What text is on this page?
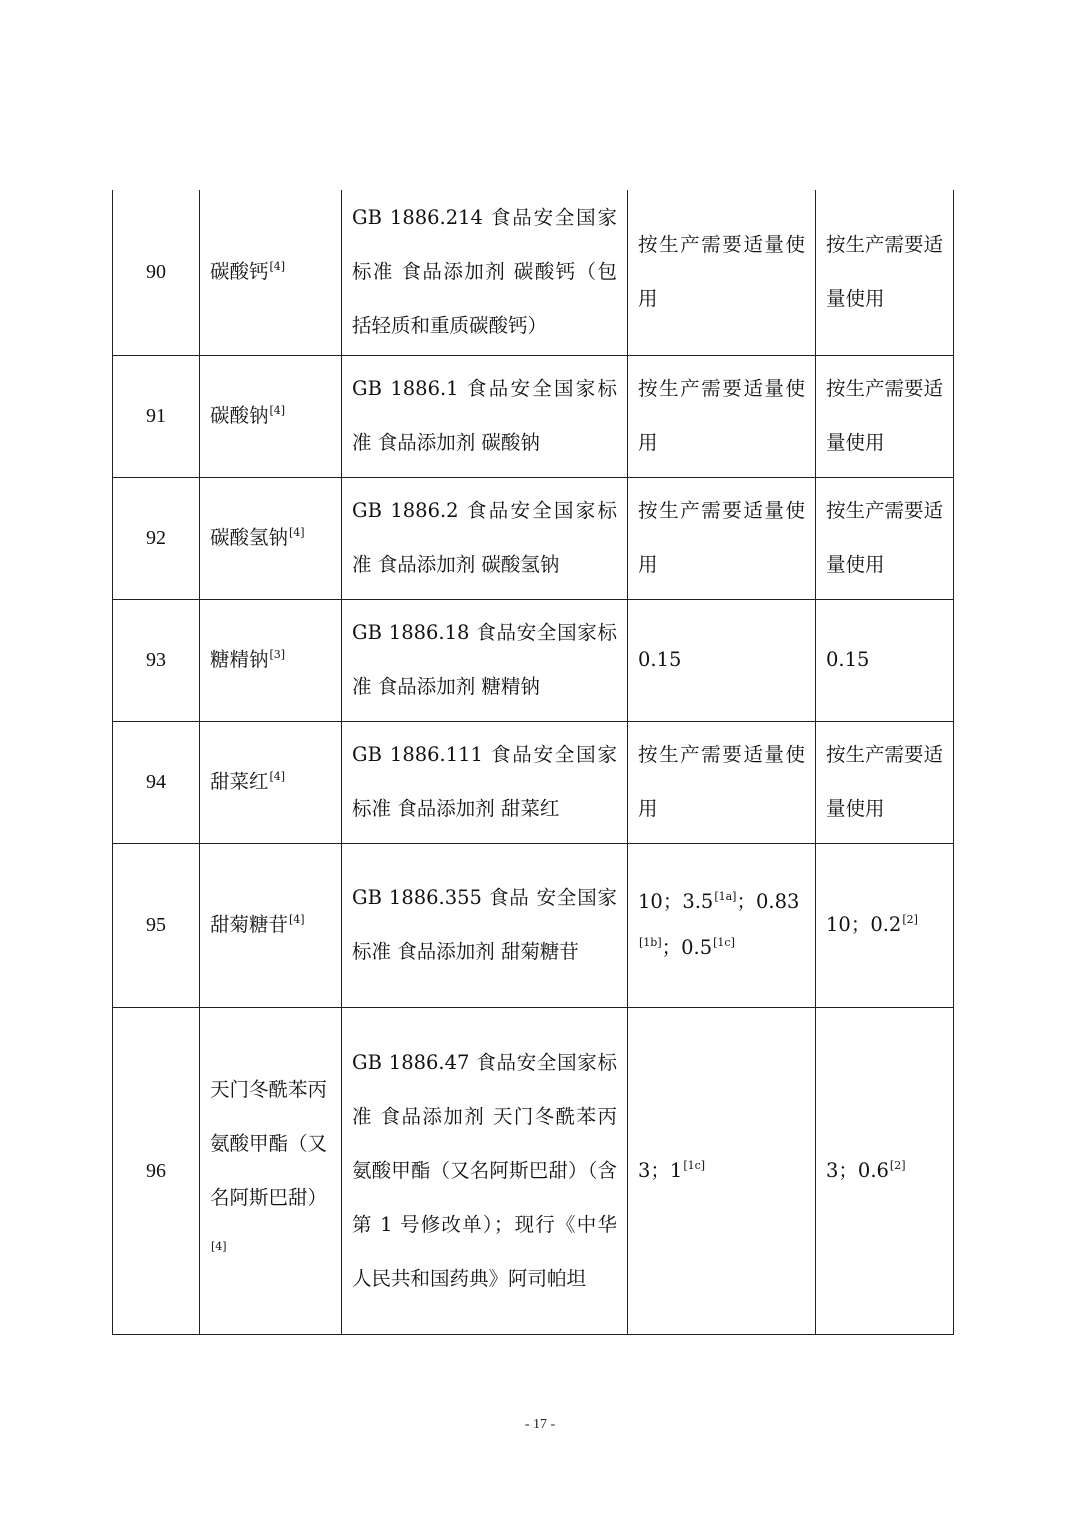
90	碳酸钙[4]	GB 1886.214 食品安全国家标准 食品添加剂 碳酸钙（包括轻质和重质碳酸钙）	按生产需要适量使用	按生产需要适量使用
91	碳酸钠[4]	GB 1886.1 食品安全国家标准 食品添加剂 碳酸钠	按生产需要适量使用	按生产需要适量使用
92	碳酸氢钠[4]	GB 1886.2 食品安全国家标准 食品添加剂 碳酸氢钠	按生产需要适量使用	按生产需要适量使用
93	糖精钠[3]	GB 1886.18 食品安全国家标准 食品添加剂 糖精钠	0.15	0.15
94	甜菜红[4]	GB 1886.111 食品安全国家标准 食品添加剂 甜菜红	按生产需要适量使用	按生产需要适量使用
95	甜菊糖苷[4]	GB 1886.355 食品 安全国家标准 食品添加剂 甜菊糖苷	10；3.5[1a]；0.83[1b]；0.5[1c]	10；0.2[2]
96	天门冬酰苯丙氨酸甲酯（又名阿斯巴甜）[4]	GB 1886.47 食品安全国家标准 食品添加剂 天门冬酰苯丙氨酸甲酯（又名阿斯巴甜）（含第 1 号修改单）；现行《中华人民共和国药典》阿司帕坦	3；1[1c]	3；0.6[2]
- 17 -
